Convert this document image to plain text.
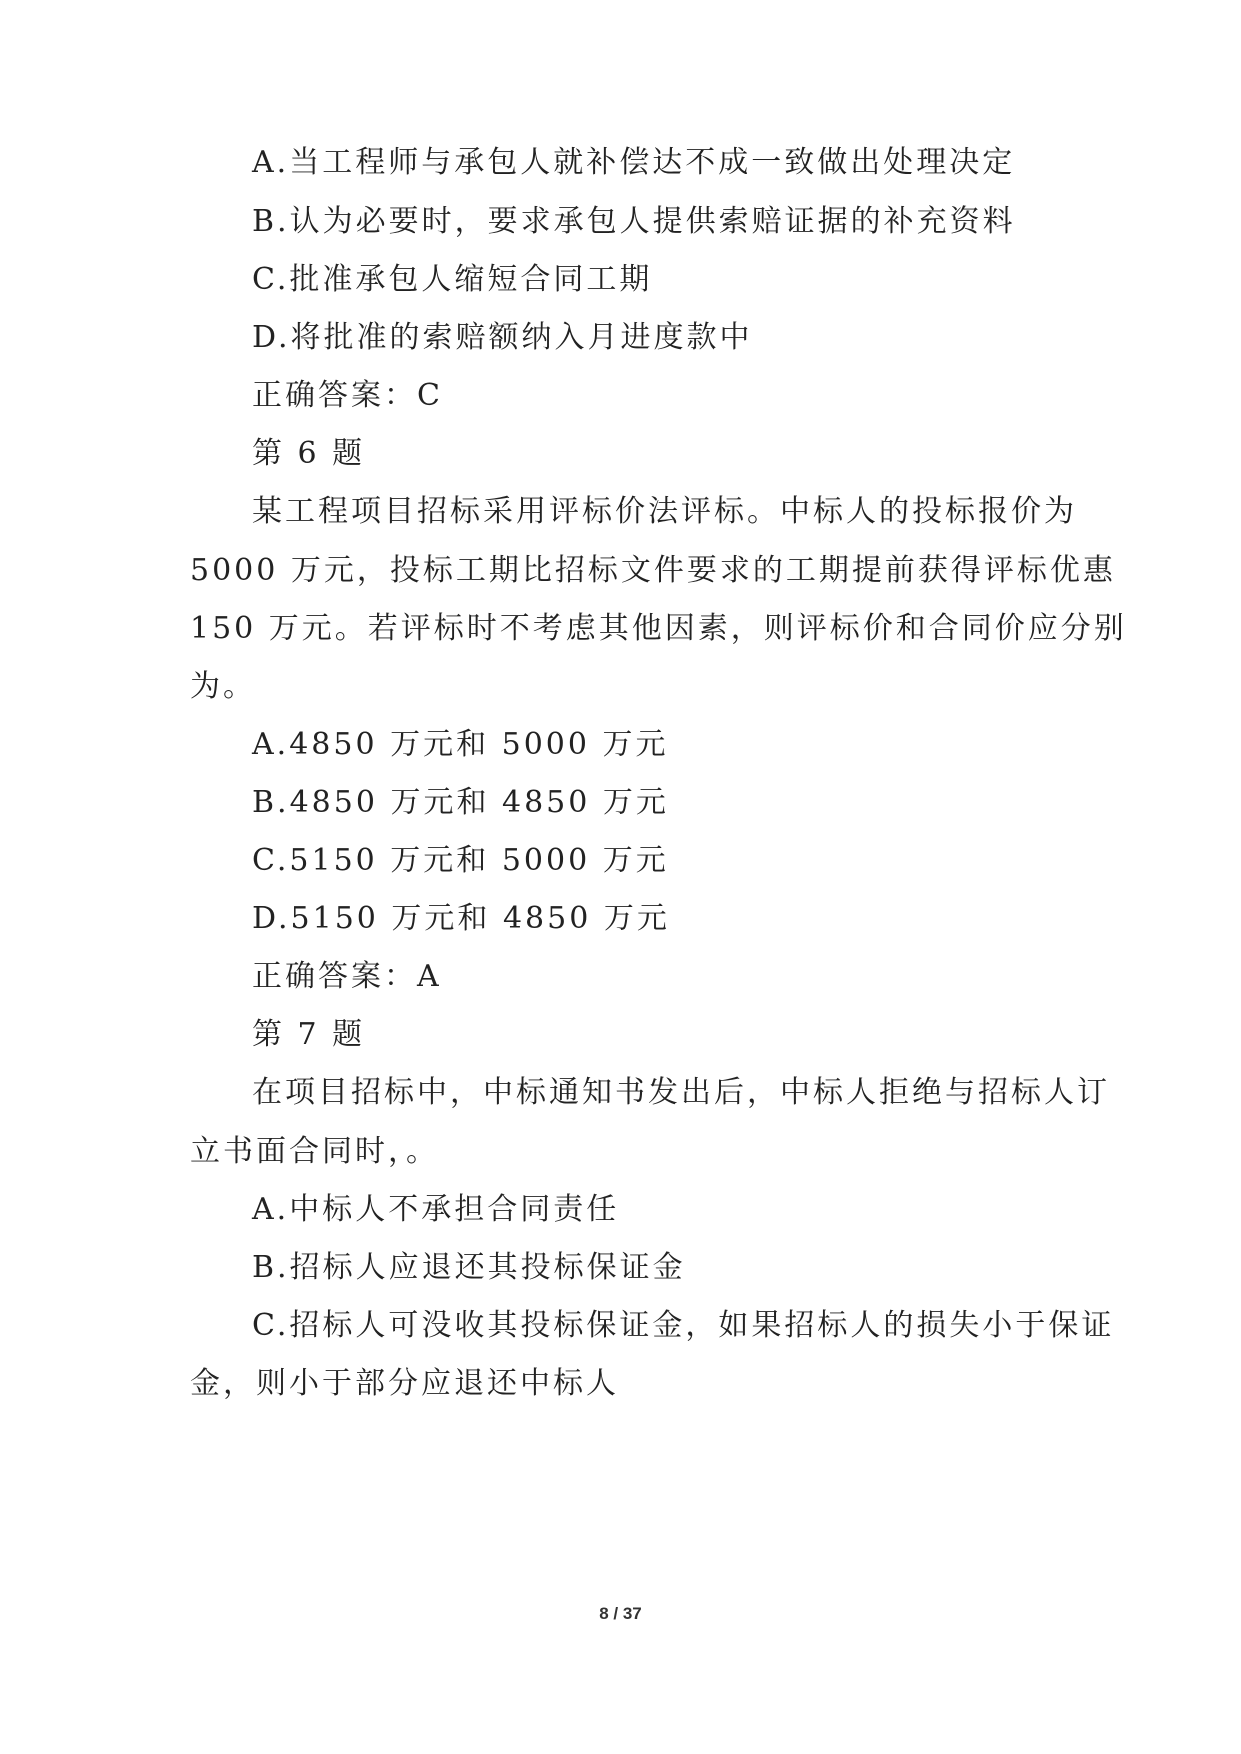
A.当工程师与承包人就补偿达不成一致做出处理决定
B.认为必要时，要求承包人提供索赔证据的补充资料
C.批准承包人缩短合同工期
D.将批准的索赔额纳入月进度款中
正确答案：C
第 6 题
某工程项目招标采用评标价法评标。中标人的投标报价为
5000 万元，投标工期比招标文件要求的工期提前获得评标优惠
150 万元。若评标时不考虑其他因素，则评标价和合同价应分别
为。
A.4850 万元和 5000 万元
B.4850 万元和 4850 万元
C.5150 万元和 5000 万元
D.5150 万元和 4850 万元
正确答案：A
第 7 题
在项目招标中，中标通知书发出后，中标人拒绝与招标人订
立书面合同时，。
A.中标人不承担合同责任
B.招标人应退还其投标保证金
C.招标人可没收其投标保证金，如果招标人的损失小于保证
金，则小于部分应退还中标人
8 / 37
